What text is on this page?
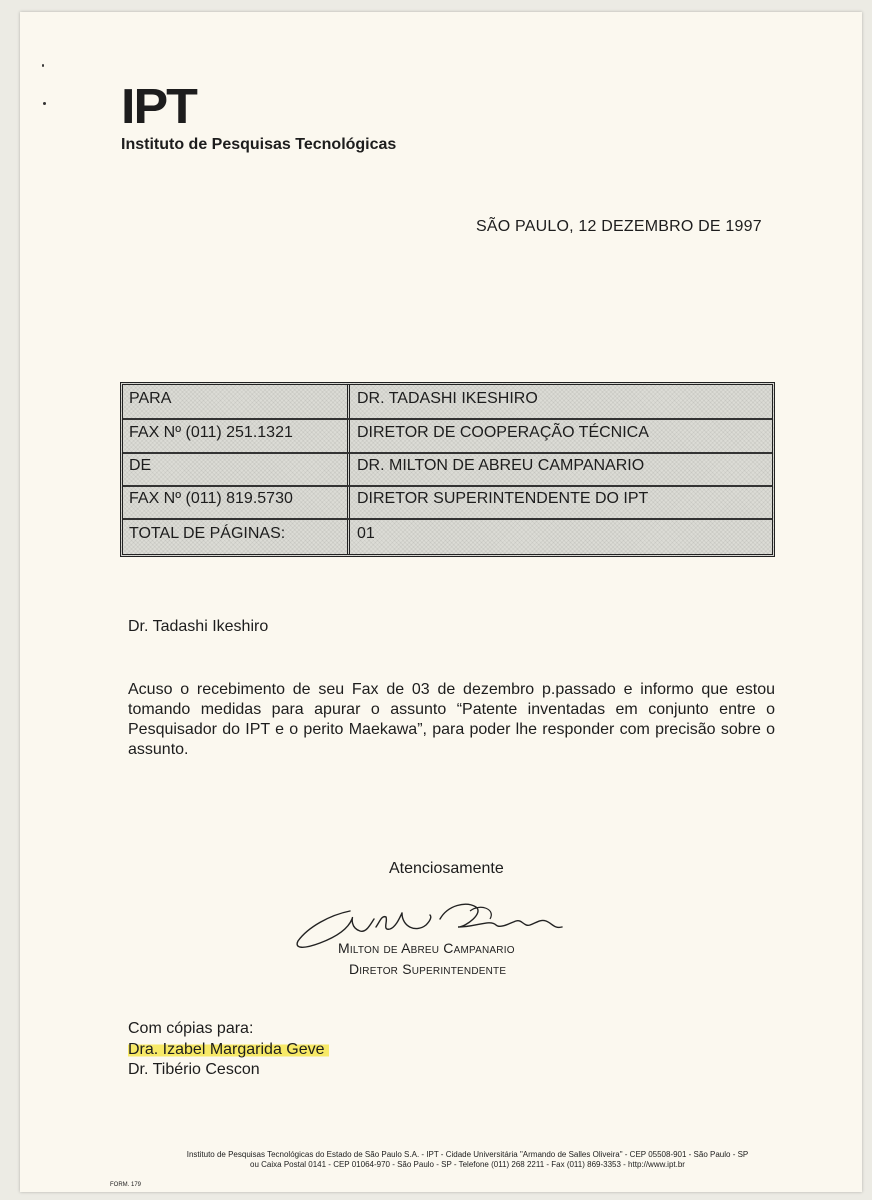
IPT
Instituto de Pesquisas Tecnológicas
SÃO PAULO, 12 DEZEMBRO DE 1997
PARA	DR. TADASHI IKESHIRO
FAX Nº (011) 251.1321	DIRETOR DE COOPERAÇÃO TÉCNICA
DE	DR. MILTON DE ABREU CAMPANARIO
FAX Nº (011) 819.5730	DIRETOR SUPERINTENDENTE DO IPT
TOTAL DE PÁGINAS:	01
Dr. Tadashi Ikeshiro
Acuso o recebimento de seu Fax de 03 de dezembro p.passado e informo que estou tomando medidas para apurar o assunto “Patente inventadas em conjunto entre o Pesquisador do IPT e o perito Maekawa”, para poder lhe responder com precisão sobre o assunto.
Atenciosamente
Milton de Abreu Campanario
Diretor Superintendente
Com cópias para:
Dra. Izabel Margarida Geve
Dr. Tibério Cescon
Instituto de Pesquisas Tecnológicas do Estado de São Paulo S.A. - IPT - Cidade Universitária "Armando de Salles Oliveira" - CEP 05508-901 - São Paulo - SP
ou Caixa Postal 0141 - CEP 01064-970 - São Paulo - SP - Telefone (011) 268 2211 - Fax (011) 869-3353 - http://www.ipt.br
FORM. 179
